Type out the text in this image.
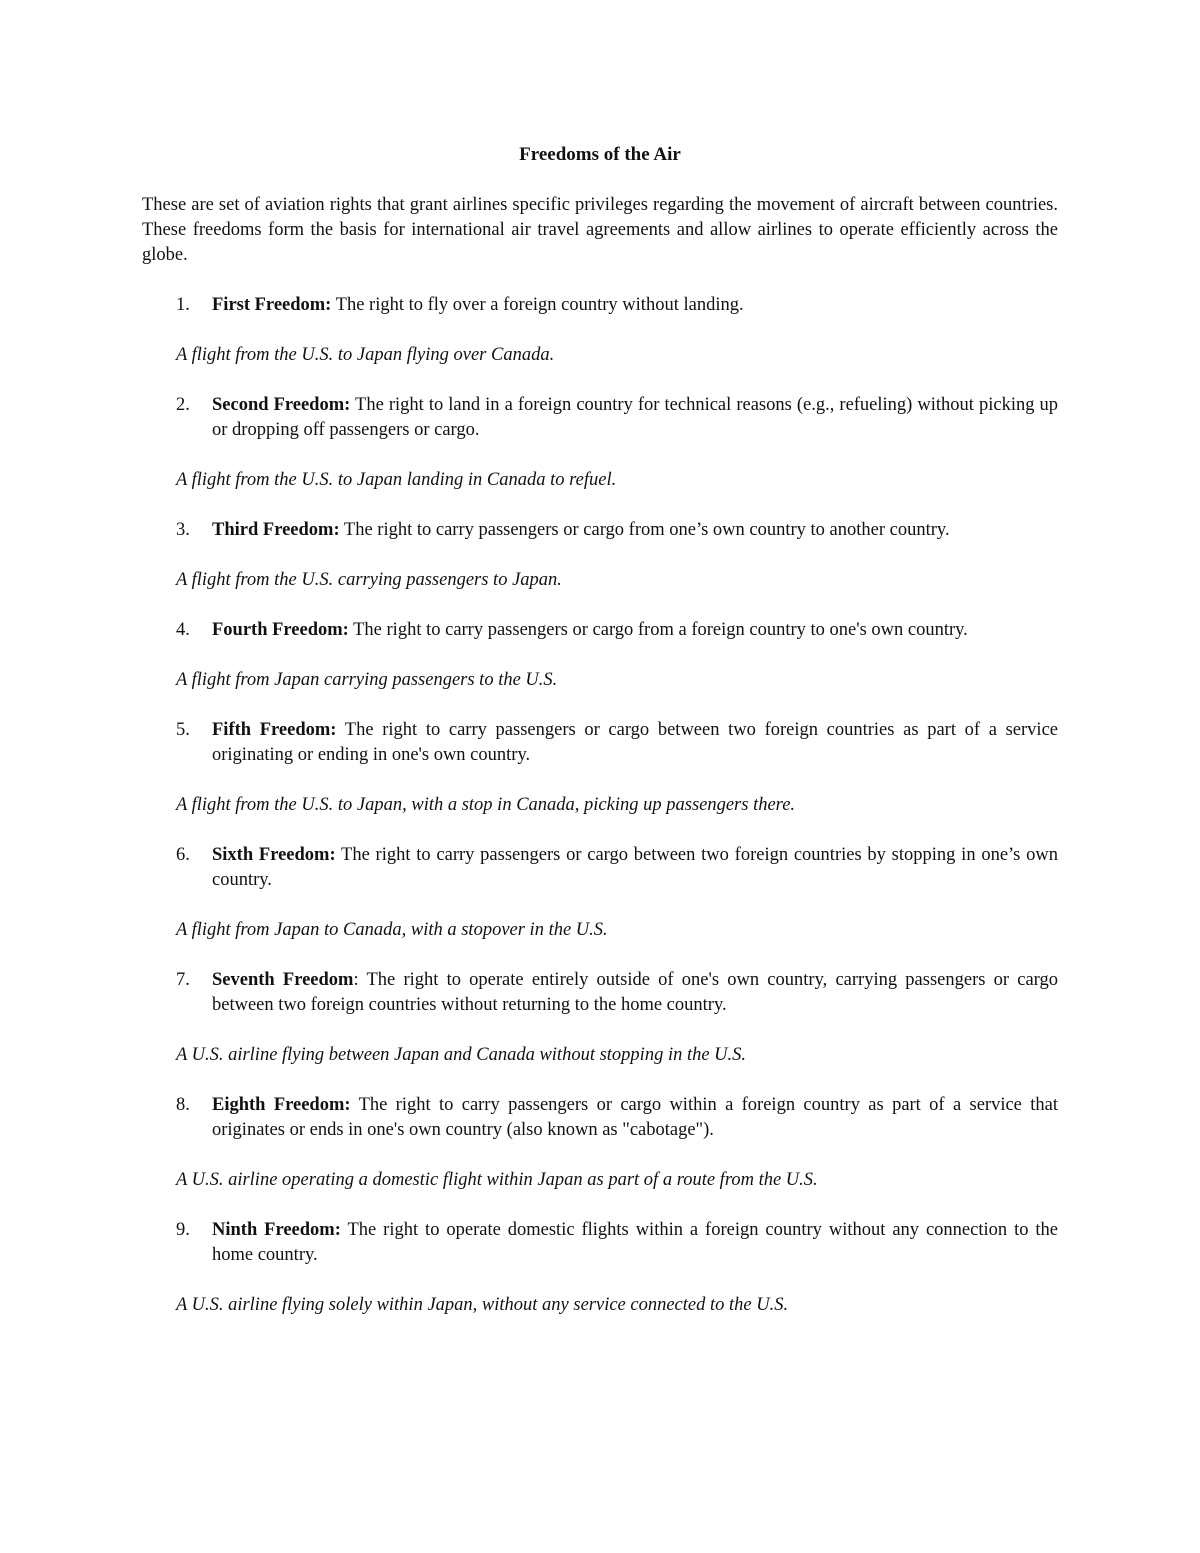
Freedoms of the Air
These are set of aviation rights that grant airlines specific privileges regarding the movement of aircraft between countries. These freedoms form the basis for international air travel agreements and allow airlines to operate efficiently across the globe.
1. First Freedom: The right to fly over a foreign country without landing.
A flight from the U.S. to Japan flying over Canada.
2. Second Freedom: The right to land in a foreign country for technical reasons (e.g., refueling) without picking up or dropping off passengers or cargo.
A flight from the U.S. to Japan landing in Canada to refuel.
3. Third Freedom: The right to carry passengers or cargo from one’s own country to another country.
A flight from the U.S. carrying passengers to Japan.
4. Fourth Freedom: The right to carry passengers or cargo from a foreign country to one's own country.
A flight from Japan carrying passengers to the U.S.
5. Fifth Freedom: The right to carry passengers or cargo between two foreign countries as part of a service originating or ending in one's own country.
A flight from the U.S. to Japan, with a stop in Canada, picking up passengers there.
6. Sixth Freedom: The right to carry passengers or cargo between two foreign countries by stopping in one’s own country.
A flight from Japan to Canada, with a stopover in the U.S.
7. Seventh Freedom: The right to operate entirely outside of one's own country, carrying passengers or cargo between two foreign countries without returning to the home country.
A U.S. airline flying between Japan and Canada without stopping in the U.S.
8. Eighth Freedom: The right to carry passengers or cargo within a foreign country as part of a service that originates or ends in one's own country (also known as "cabotage").
A U.S. airline operating a domestic flight within Japan as part of a route from the U.S.
9. Ninth Freedom: The right to operate domestic flights within a foreign country without any connection to the home country.
A U.S. airline flying solely within Japan, without any service connected to the U.S.
